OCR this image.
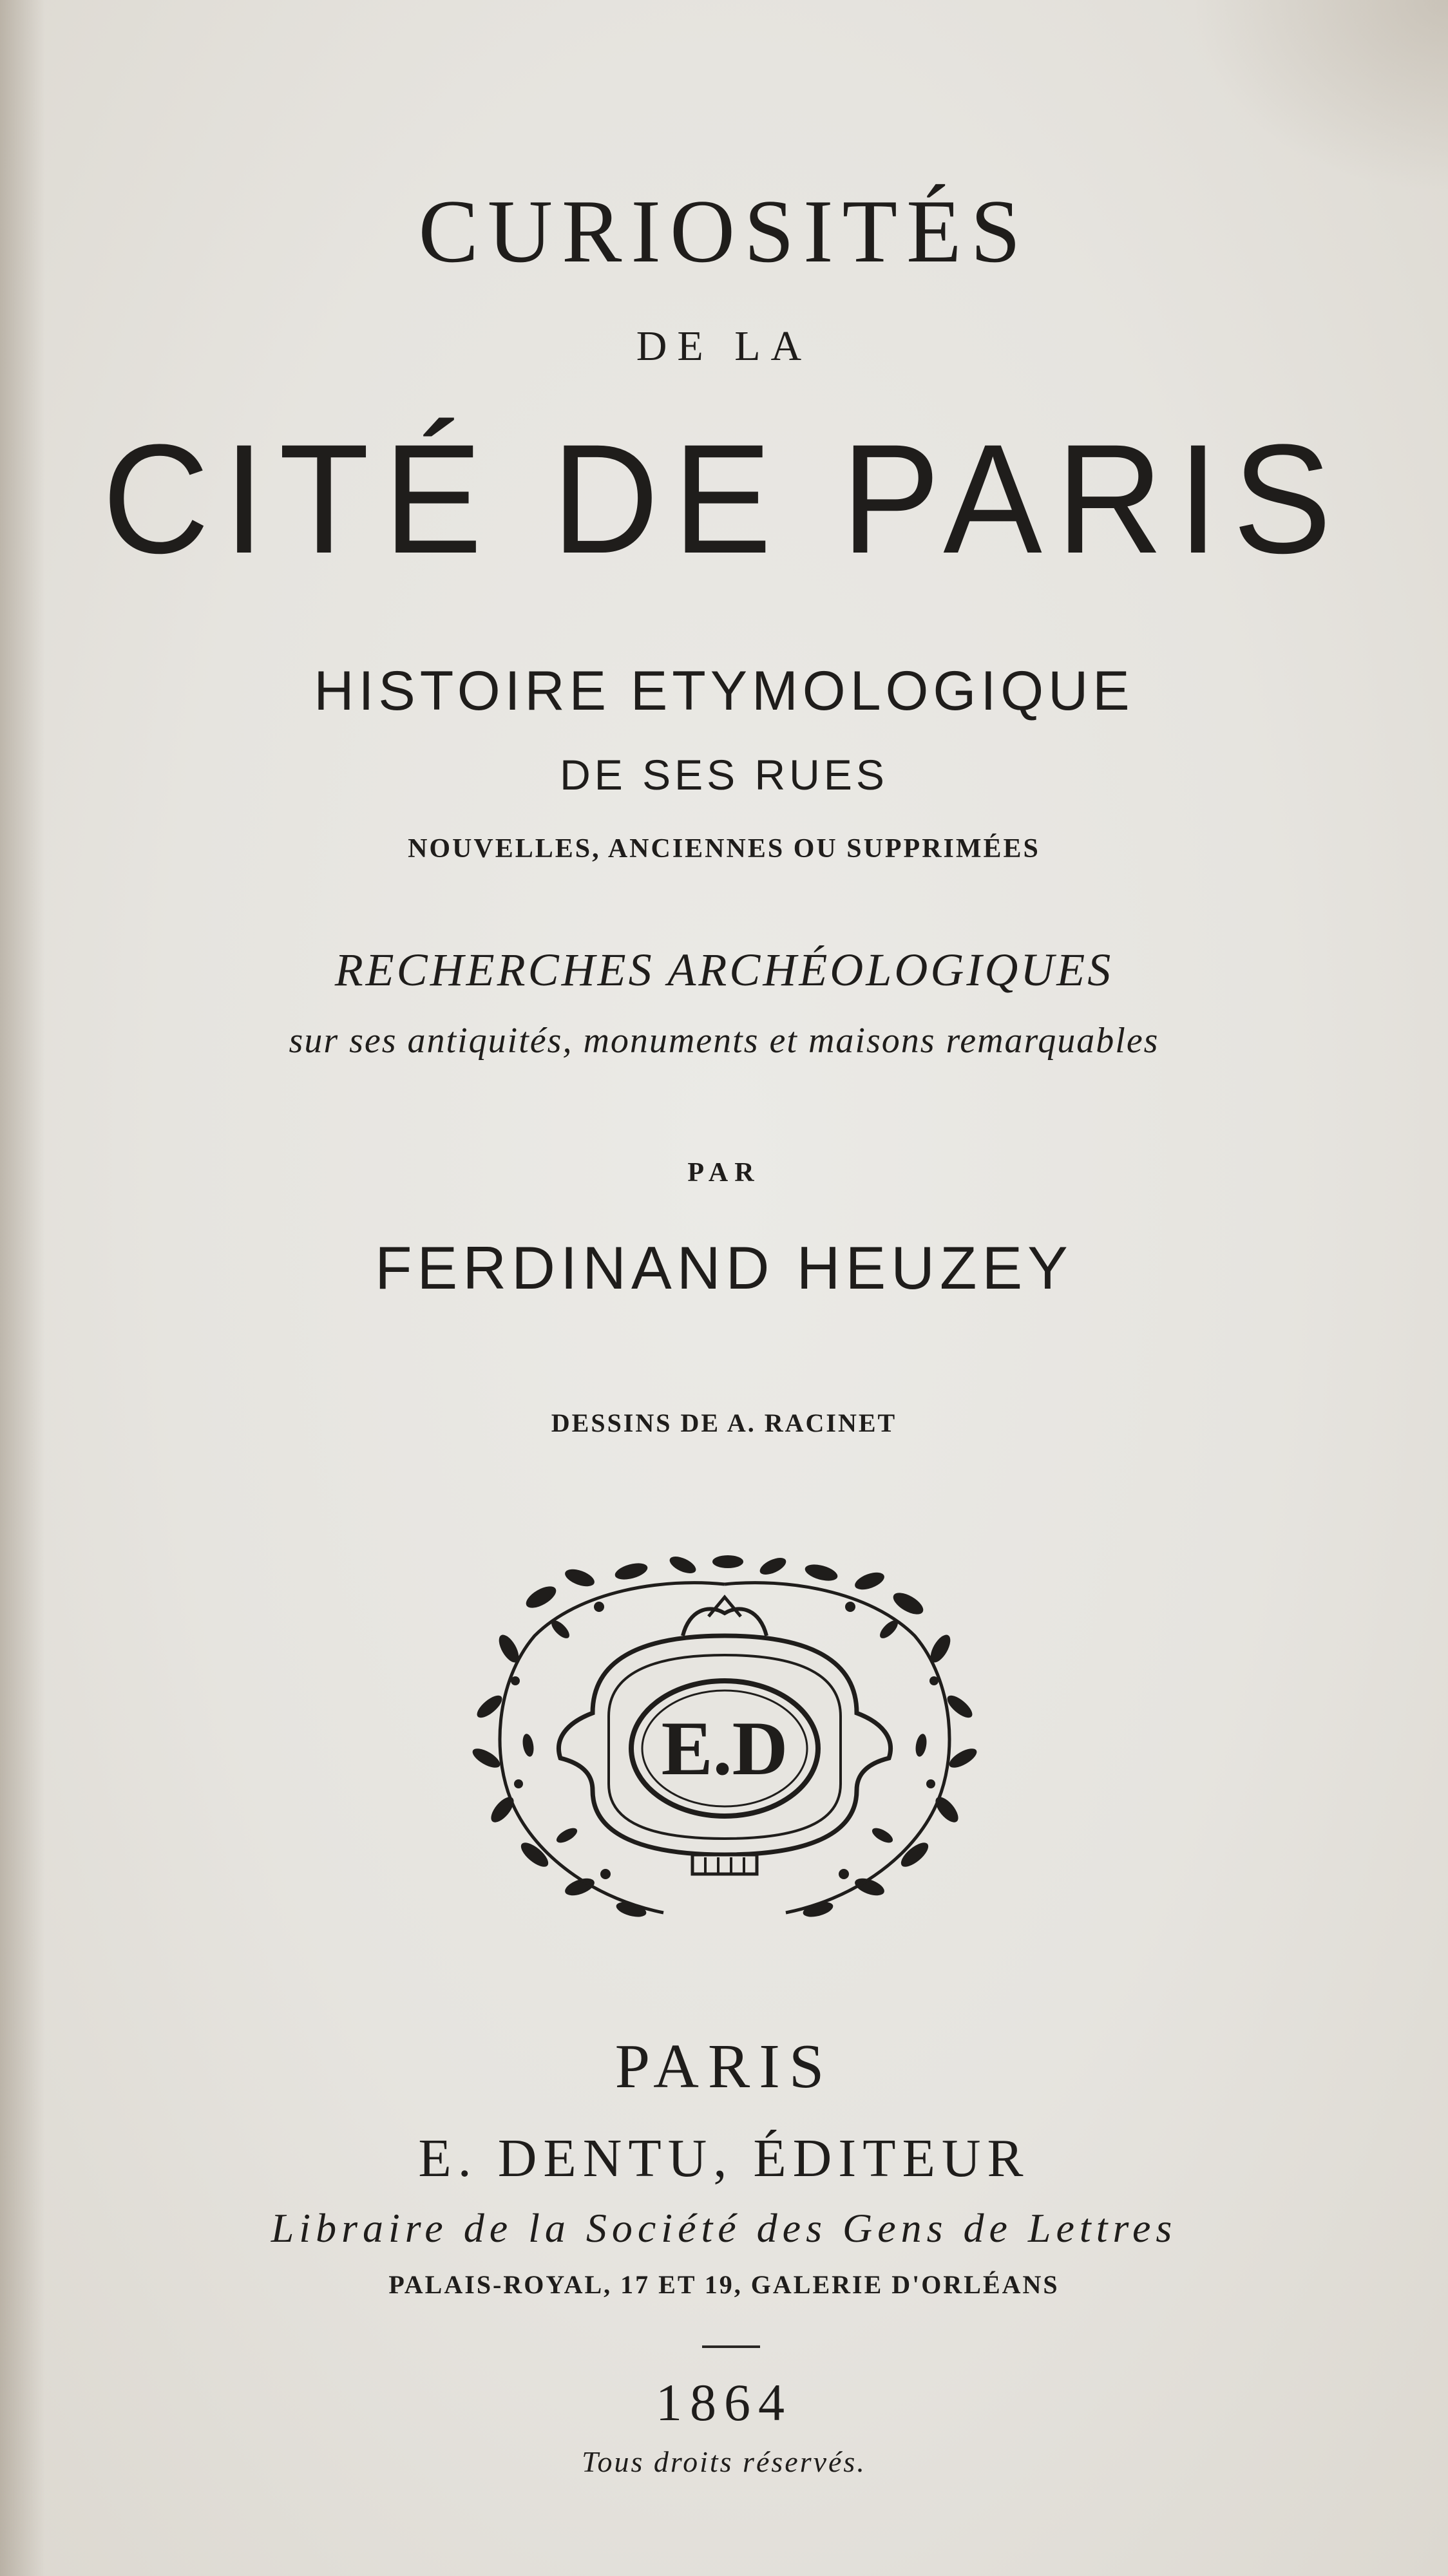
CURIOSITÉS
DE LA
CITÉ DE PARIS
HISTOIRE ETYMOLOGIQUE
DE SES RUES
NOUVELLES, ANCIENNES OU SUPPRIMÉES
RECHERCHES ARCHÉOLOGIQUES
sur ses antiquités, monuments et maisons remarquables
PAR
FERDINAND HEUZEY
DESSINS DE A. RACINET
E.D
PARIS
E. DENTU, ÉDITEUR
Libraire de la Société des Gens de Lettres
PALAIS-ROYAL, 17 ET 19, GALERIE D'ORLÉANS
1864
Tous droits réservés.
